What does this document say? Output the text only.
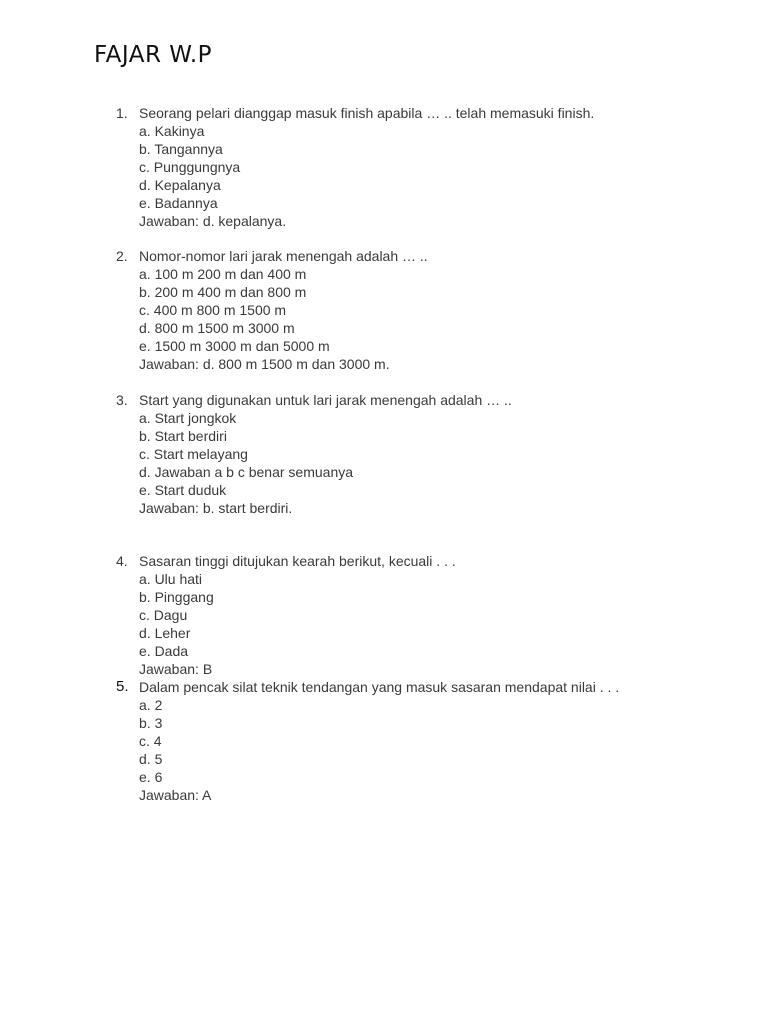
FAJAR W.P
1. Seorang pelari dianggap masuk finish apabila … .. telah memasuki finish.
a. Kakinya
b. Tangannya
c. Punggungnya
d. Kepalanya
e. Badannya
Jawaban: d. kepalanya.
2. Nomor-nomor lari jarak menengah adalah … ..
a. 100 m 200 m dan 400 m
b. 200 m 400 m dan 800 m
c. 400 m 800 m 1500 m
d. 800 m 1500 m 3000 m
e. 1500 m 3000 m dan 5000 m
Jawaban: d. 800 m 1500 m dan 3000 m.
3. Start yang digunakan untuk lari jarak menengah adalah … ..
a. Start jongkok
b. Start berdiri
c. Start melayang
d. Jawaban a b c benar semuanya
e. Start duduk
Jawaban: b. start berdiri.
4. Sasaran tinggi ditujukan kearah berikut, kecuali . . .
a. Ulu hati
b. Pinggang
c. Dagu
d. Leher
e. Dada
Jawaban: B
5. Dalam pencak silat teknik tendangan yang masuk sasaran mendapat nilai . . .
a. 2
b. 3
c. 4
d. 5
e. 6
Jawaban: A
